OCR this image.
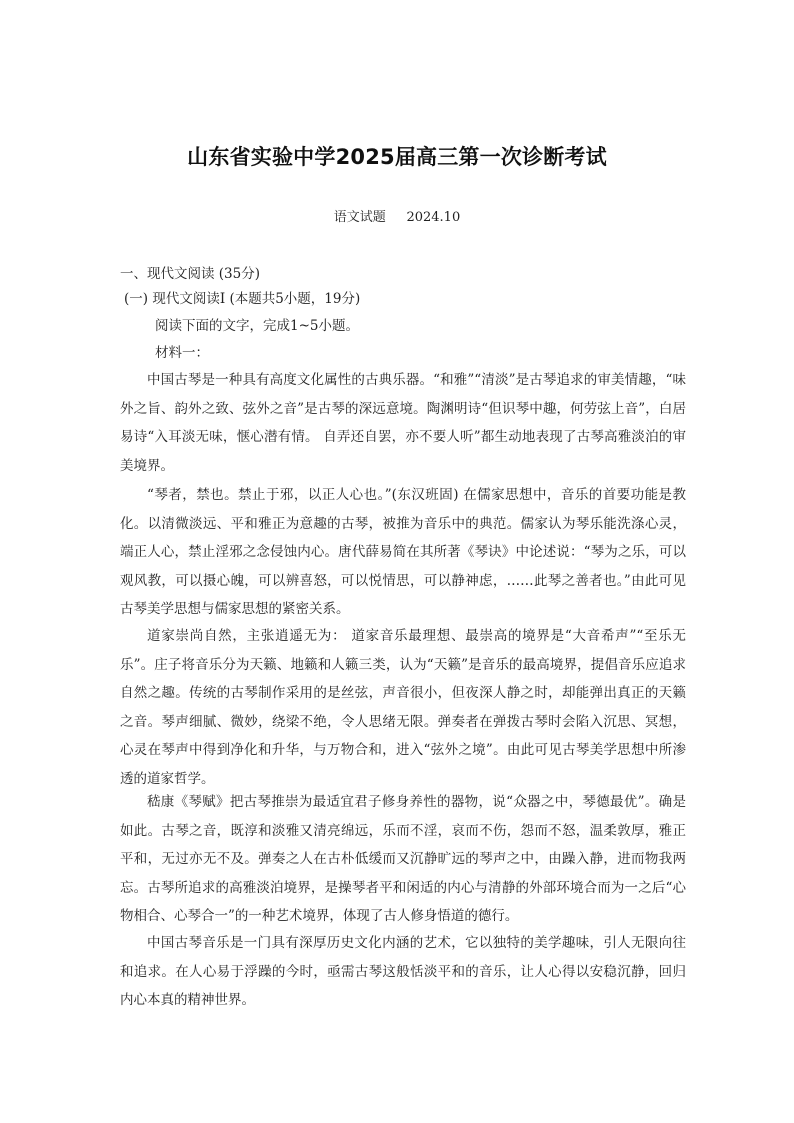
山东省实验中学2025届高三第一次诊断考试
语文试题 2024.10
一、现代文阅读 (35分)
(一) 现代文阅读Ⅰ (本题共5小题，19分)
阅读下面的文字，完成1~5小题。
材料一：
中国古琴是一种具有高度文化属性的古典乐器。“和雅”“清淡”是古琴追求的审美情趣，“味外之旨、韵外之致、弦外之音”是古琴的深远意境。陶渊明诗“但识琴中趣，何劳弦上音”，白居易诗“入耳淡无味，惬心潜有情。 自弄还自罢，亦不要人听”都生动地表现了古琴高雅淡泊的审美境界。
“琴者，禁也。禁止于邪，以正人心也。”(东汉班固) 在儒家思想中，音乐的首要功能是教化。以清微淡远、平和雅正为意趣的古琴，被推为音乐中的典范。儒家认为琴乐能洗涤心灵，端正人心，禁止淫邪之念侵蚀内心。唐代薛易简在其所著《琴诀》中论述说：“琴为之乐，可以观风教，可以摄心魄，可以辨喜怒，可以悦情思，可以静神虑，……此琴之善者也。”由此可见古琴美学思想与儒家思想的紧密关系。
道家崇尚自然，主张逍遥无为： 道家音乐最理想、最崇高的境界是“大音希声”“至乐无乐”。庄子将音乐分为天籁、地籁和人籁三类，认为“天籁”是音乐的最高境界，提倡音乐应追求自然之趣。传统的古琴制作采用的是丝弦，声音很小，但夜深人静之时，却能弹出真正的天籁之音。琴声细腻、微妙，绕梁不绝，令人思绪无限。弹奏者在弹拨古琴时会陷入沉思、冥想，心灵在琴声中得到净化和升华，与万物合和，进入“弦外之境”。由此可见古琴美学思想中所渗透的道家哲学。
嵇康《琴赋》把古琴推崇为最适宜君子修身养性的器物，说“众器之中，琴德最优”。确是如此。古琴之音，既淳和淡雅又清亮绵远，乐而不淫，哀而不伤，怨而不怒，温柔敦厚，雅正平和，无过亦无不及。弹奏之人在古朴低缓而又沉静旷远的琴声之中，由躁入静，进而物我两忘。古琴所追求的高雅淡泊境界，是操琴者平和闲适的内心与清静的外部环境合而为一之后“心物相合、心琴合一”的一种艺术境界，体现了古人修身悟道的德行。
中国古琴音乐是一门具有深厚历史文化内涵的艺术，它以独特的美学趣味，引人无限向往和追求。在人心易于浮躁的今时，亟需古琴这般恬淡平和的音乐，让人心得以安稳沉静，回归内心本真的精神世界。
